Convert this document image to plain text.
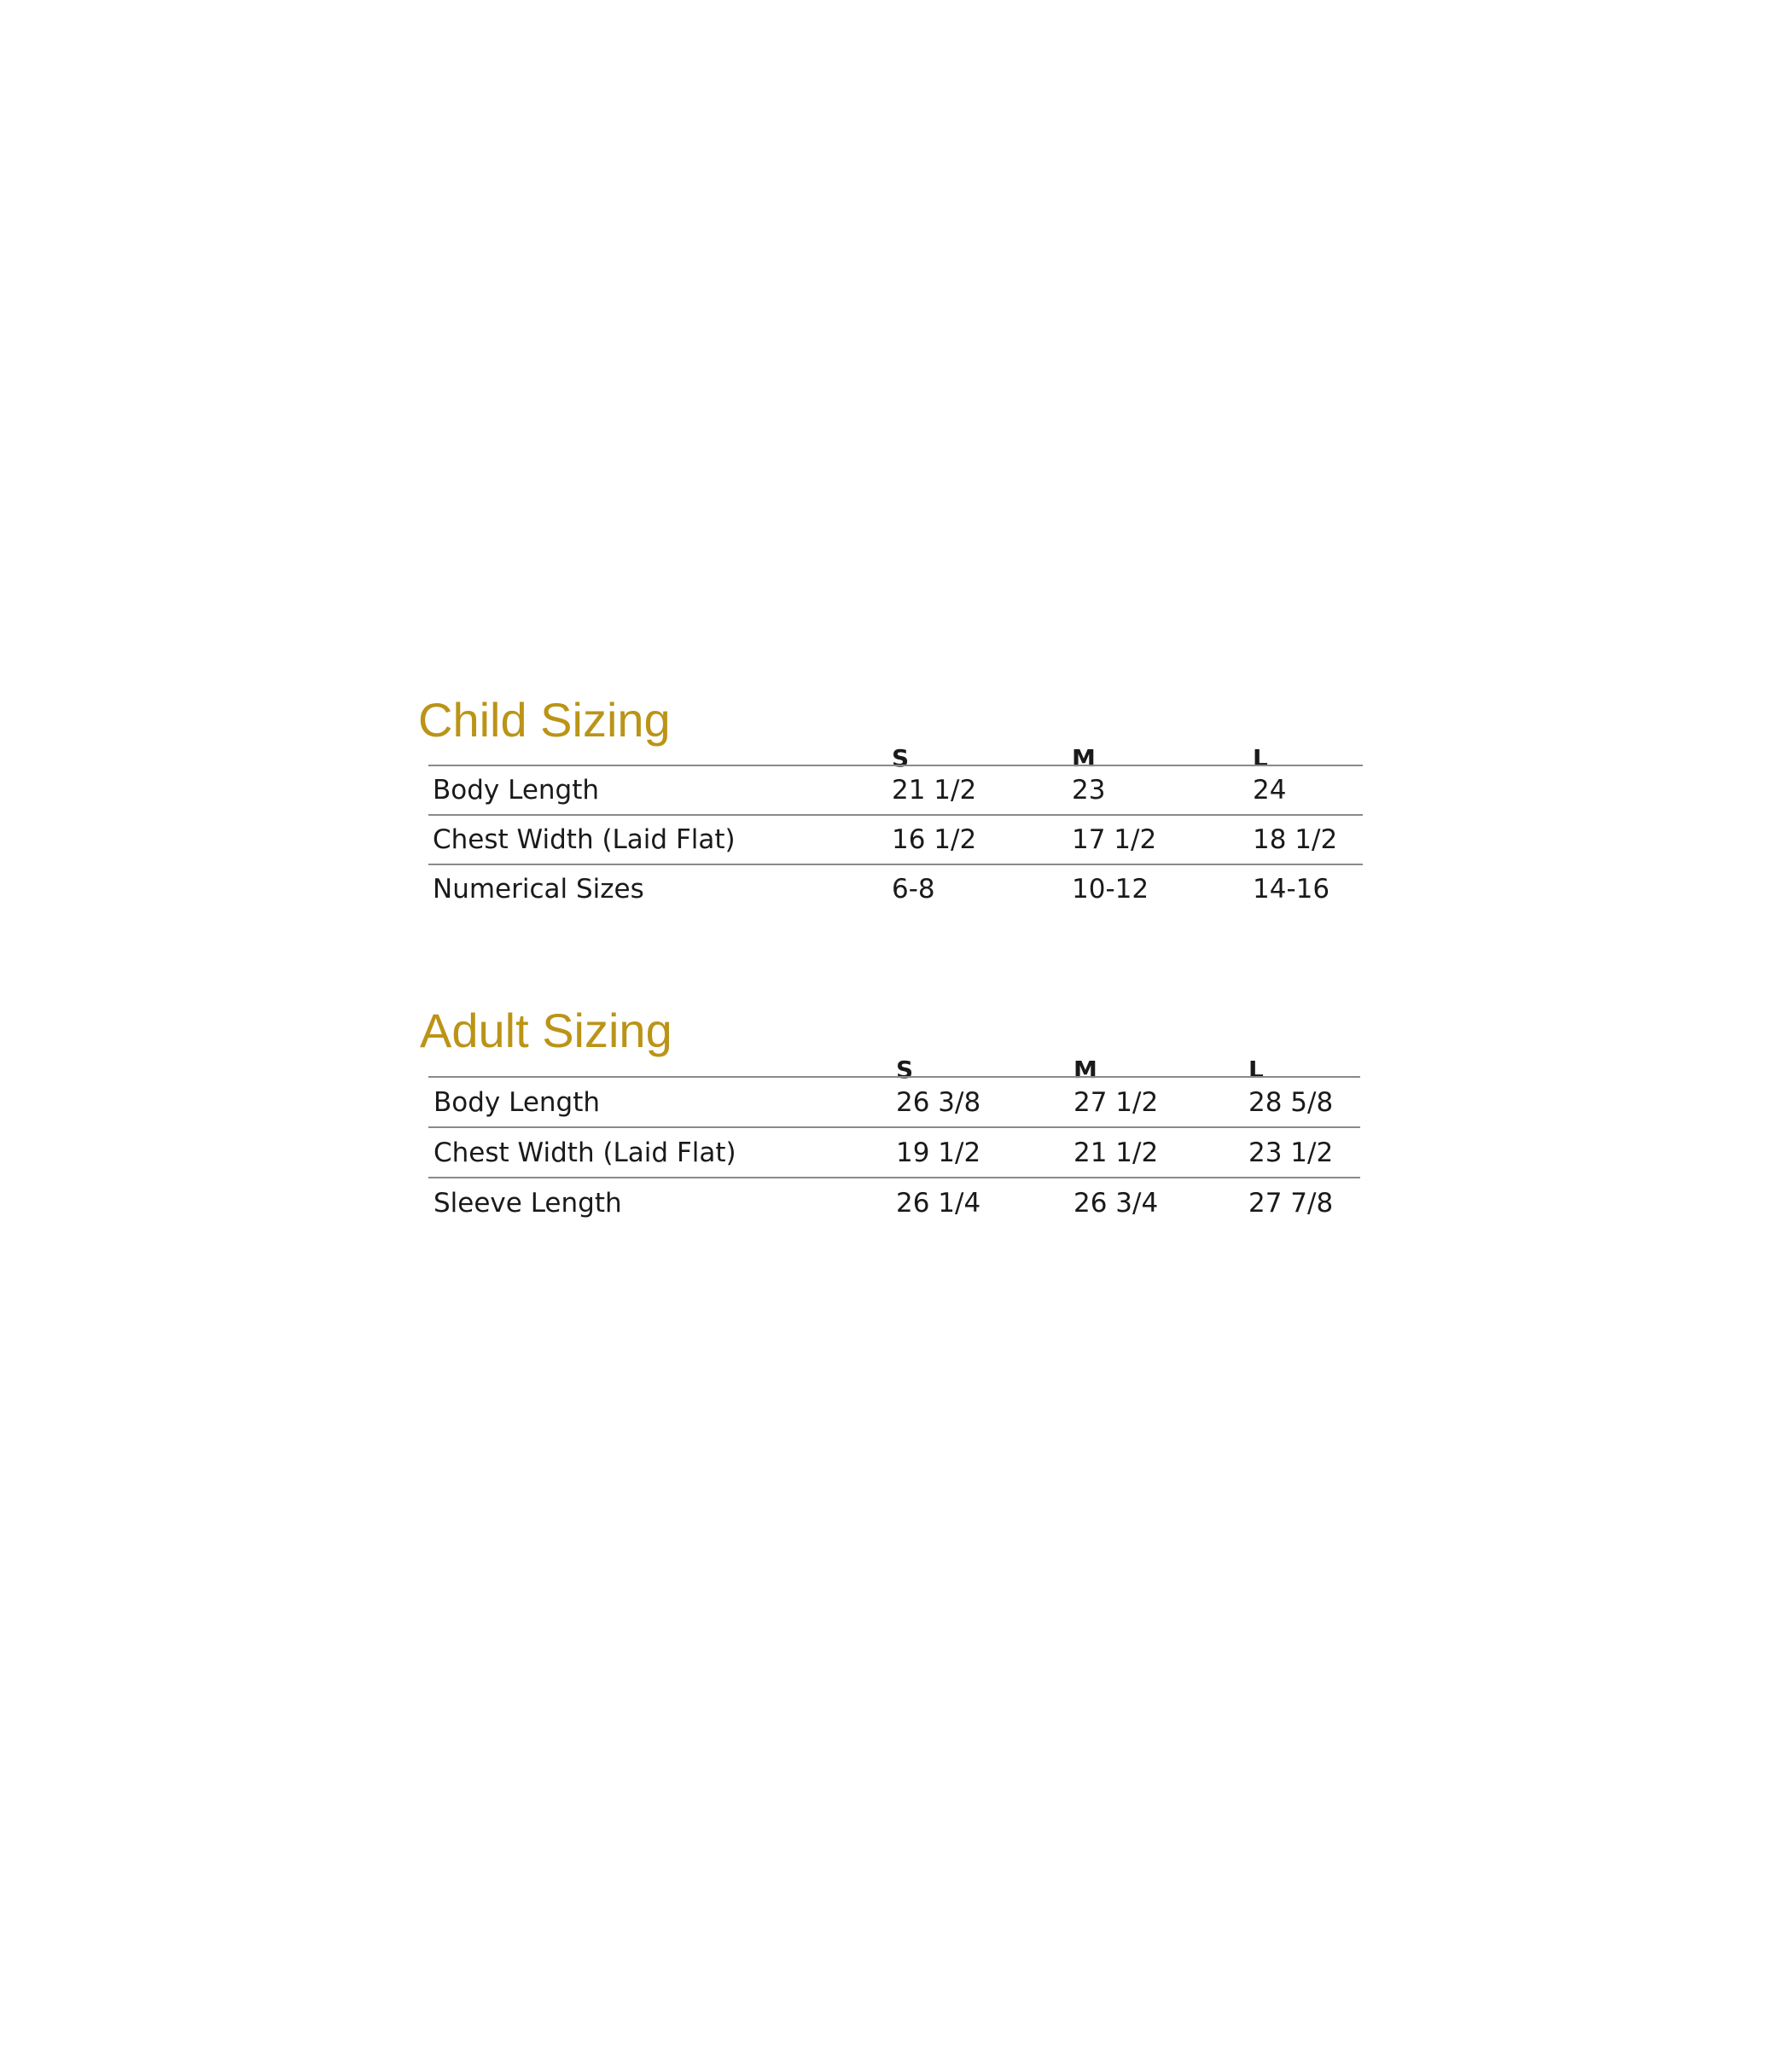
Child Sizing
S	M	L
Body Length	21 1/2	23	24
Chest Width (Laid Flat)	16 1/2	17 1/2	18 1/2
Numerical Sizes	6-8	10-12	14-16
Adult Sizing
S	M	L
Body Length	26 3/8	27 1/2	28 5/8
Chest Width (Laid Flat)	19 1/2	21 1/2	23 1/2
Sleeve Length	26 1/4	26 3/4	27 7/8
